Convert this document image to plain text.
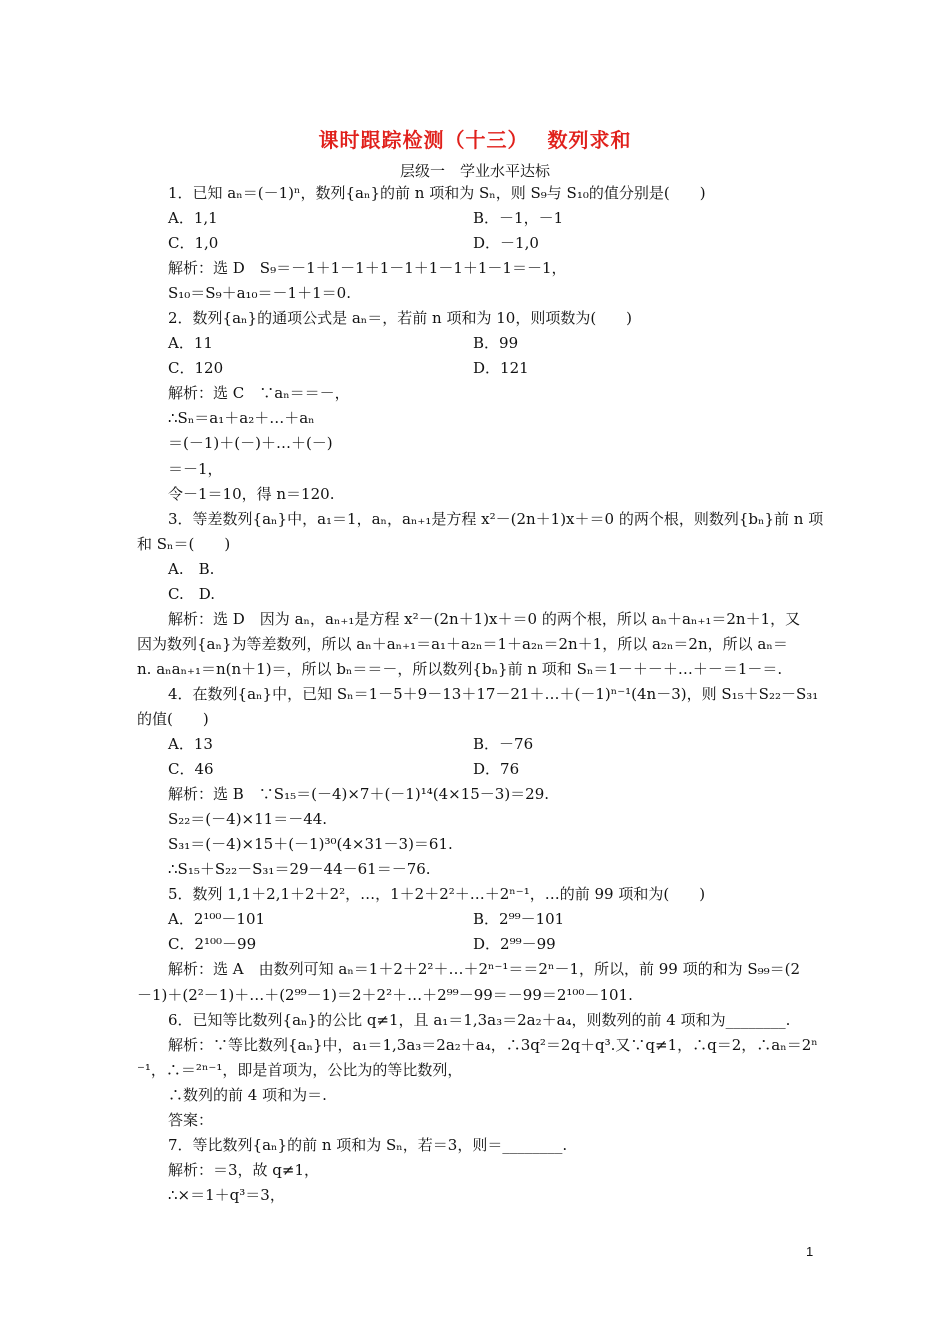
课时跟踪检测（十三）　 数列求和
层级一　学业水平达标
1．已知 aₙ＝(－1)ⁿ，数列{aₙ}的前 n 项和为 Sₙ，则 S₉与 S₁₀的值分别是(　　)
A．1,1	B．－1，－1
C．1,0	D．－1,0
解析：选 D　S₉＝－1＋1－1＋1－1＋1－1＋1－1＝－1，
S₁₀＝S₉＋a₁₀＝－1＋1＝0.
2．数列{aₙ}的通项公式是 aₙ＝，若前 n 项和为 10，则项数为(　　)
A．11	B．99
C．120	D．121
解析：选 C　∵aₙ＝＝－，
∴Sₙ＝a₁＋a₂＋…＋aₙ
＝(－1)＋(－)＋…＋(－)
＝－1，
令－1＝10，得 n＝120.
3．等差数列{aₙ}中，a₁＝1，aₙ，aₙ₊₁是方程 x²－(2n＋1)x＋＝0 的两个根，则数列{bₙ}前 n 项
和 Sₙ＝(　　)
A.　B.
C.　D.
解析：选 D　因为 aₙ，aₙ₊₁是方程 x²－(2n＋1)x＋＝0 的两个根，所以 aₙ＋aₙ₊₁＝2n＋1，又
因为数列{aₙ}为等差数列，所以 aₙ＋aₙ₊₁＝a₁＋a₂ₙ＝1＋a₂ₙ＝2n＋1，所以 a₂ₙ＝2n，所以 aₙ＝
n. aₙaₙ₊₁＝n(n＋1)＝，所以 bₙ＝＝－，所以数列{bₙ}前 n 项和 Sₙ＝1－＋－＋…＋－＝1－＝.
4．在数列{aₙ}中，已知 Sₙ＝1－5＋9－13＋17－21＋…＋(－1)ⁿ⁻¹(4n－3)，则 S₁₅＋S₂₂－S₃₁
的值(　　)
A．13	B．－76
C．46	D．76
解析：选 B　∵S₁₅＝(－4)×7＋(－1)¹⁴(4×15－3)＝29.
S₂₂＝(－4)×11＝－44.
S₃₁＝(－4)×15＋(－1)³⁰(4×31－3)＝61.
∴S₁₅＋S₂₂－S₃₁＝29－44－61＝－76.
5．数列 1,1＋2,1＋2＋2²，…，1＋2＋2²＋…＋2ⁿ⁻¹，…的前 99 项和为(　　)
A．2¹⁰⁰－101	B．2⁹⁹－101
C．2¹⁰⁰－99	D．2⁹⁹－99
解析：选 A　由数列可知 aₙ＝1＋2＋2²＋…＋2ⁿ⁻¹＝＝2ⁿ－1，所以，前 99 项的和为 S₉₉＝(2
－1)＋(2²－1)＋…＋(2⁹⁹－1)＝2＋2²＋…＋2⁹⁹－99＝－99＝2¹⁰⁰－101.
6．已知等比数列{aₙ}的公比 q≠1，且 a₁＝1,3a₃＝2a₂＋a₄，则数列的前 4 项和为________.
解析：∵等比数列{aₙ}中，a₁＝1,3a₃＝2a₂＋a₄，∴3q²＝2q＋q³.又∵q≠1，∴q＝2，∴aₙ＝2ⁿ
⁻¹，∴＝²ⁿ⁻¹，即是首项为，公比为的等比数列，
∴数列的前 4 项和为＝.
答案：
7．等比数列{aₙ}的前 n 项和为 Sₙ，若＝3，则＝________.
解析：＝3，故 q≠1，
∴×＝1＋q³＝3，
1
